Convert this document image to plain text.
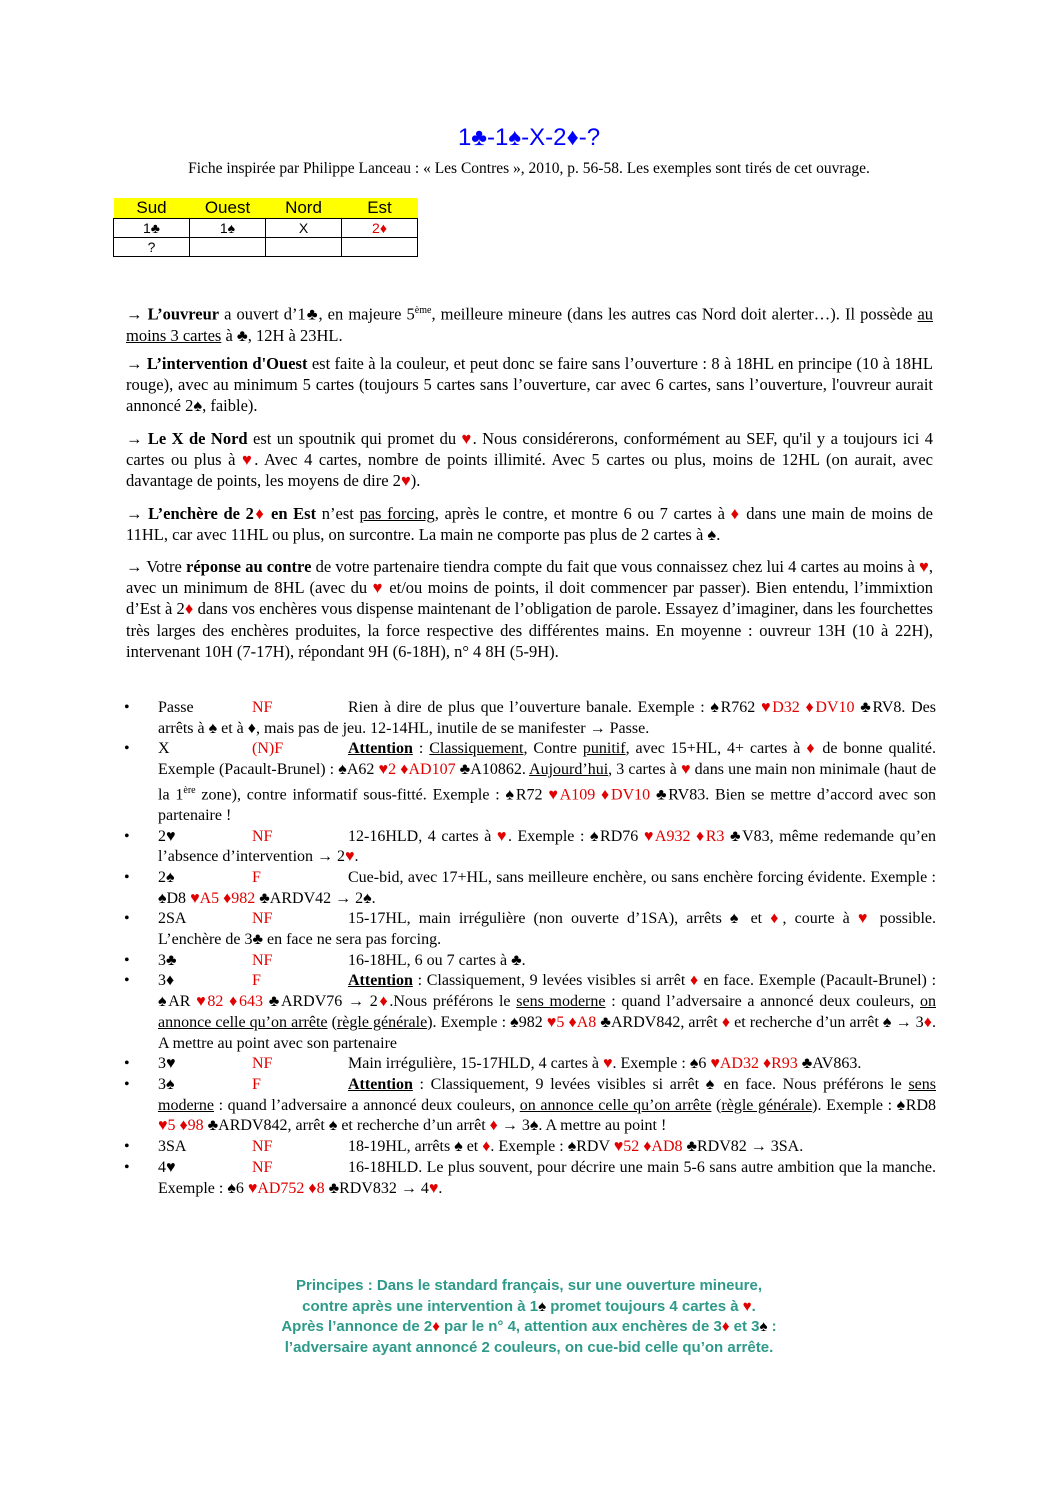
1♣-1♠-X-2♦-?
Fiche inspirée par Philippe Lanceau : « Les Contres », 2010, p. 56-58. Les exemples sont tirés de cet ouvrage.
Sud	Ouest	Nord	Est
1♣	1♠	X	2♦
?			

→ L’ouvreur a ouvert d’1♣, en majeure 5ème, meilleure mineure (dans les autres cas Nord doit alerter…). Il possède au moins 3 cartes à ♣, 12H à 23HL.

→ L’intervention d'Ouest est faite à la couleur, et peut donc se faire sans l’ouverture : 8 à 18HL en principe (10 à 18HL rouge), avec au minimum 5 cartes (toujours 5 cartes sans l’ouverture, car avec 6 cartes, sans l’ouverture, l'ouvreur aurait annoncé 2♠, faible).

→ Le X de Nord est un spoutnik qui promet du ♥. Nous considérerons, conformément au SEF, qu'il y a toujours ici 4 cartes ou plus à ♥. Avec 4 cartes, nombre de points illimité. Avec 5 cartes ou plus, moins de 12HL (on aurait, avec davantage de points, les moyens de dire 2♥).

→ L’enchère de 2♦ en Est n’est pas forcing, après le contre, et montre 6 ou 7 cartes à ♦ dans une main de moins de 11HL, car avec 11HL ou plus, on surcontre. La main ne comporte pas plus de 2 cartes à ♠.

→ Votre réponse au contre de votre partenaire tiendra compte du fait que vous connaissez chez lui 4 cartes au moins à ♥, avec un minimum de 8HL (avec du ♥ et/ou moins de points, il doit commencer par passer). Bien entendu, l’immixtion d’Est à 2♦ dans vos enchères vous dispense maintenant de l’obligation de parole. Essayez d’imaginer, dans les fourchettes très larges des enchères produites, la force respective des différentes mains. En moyenne : ouvreur 13H (10 à 22H), intervenant 10H (7-17H), répondant 9H (6-18H), n° 4 8H (5-9H).

•	Passe	NF	Rien à dire de plus que l’ouverture banale. Exemple : ♠R762 ♥D32 ♦DV10 ♣RV8. Des arrêts à ♠ et à ♦, mais pas de jeu. 12-14HL, inutile de se manifester → Passe.

•	X	(N)F	Attention : Classiquement, Contre punitif, avec 15+HL, 4+ cartes à ♦ de bonne qualité. Exemple (Pacault-Brunel) : ♠A62 ♥2 ♦AD107 ♣A10862. Aujourd’hui, 3 cartes à ♥ dans une main non minimale (haut de la 1ère zone), contre informatif sous-fitté. Exemple : ♠R72 ♥A109 ♦DV10 ♣RV83. Bien se mettre d’accord avec son partenaire !

•	2♥	NF	12-16HLD, 4 cartes à ♥. Exemple : ♠RD76 ♥A932 ♦R3 ♣V83, même redemande qu’en l’absence d’intervention → 2♥.

•	2♠	F	Cue-bid, avec 17+HL, sans meilleure enchère, ou sans enchère forcing évidente. Exemple : ♠D8 ♥A5 ♦982 ♣ARDV42 → 2♠.

•	2SA	NF	15-17HL, main irrégulière (non ouverte d’1SA), arrêts ♠ et ♦, courte à ♥ possible. L’enchère de 3♣ en face ne sera pas forcing.

•	3♣	NF	16-18HL, 6 ou 7 cartes à ♣.

•	3♦	F	Attention : Classiquement, 9 levées visibles si arrêt ♦ en face. Exemple (Pacault-Brunel) : ♠AR ♥82 ♦643 ♣ARDV76 → 2♦.Nous préférons le sens moderne : quand l’adversaire a annoncé deux couleurs, on annonce celle qu’on arrête (règle générale). Exemple : ♠982 ♥5 ♦A8 ♣ARDV842, arrêt ♦ et recherche d’un arrêt ♠ → 3♦. A mettre au point avec son partenaire

•	3♥	NF	Main irrégulière, 15-17HLD, 4 cartes à ♥. Exemple : ♠6 ♥AD32 ♦R93 ♣AV863.

•	3♠	F	Attention : Classiquement, 9 levées visibles si arrêt ♠ en face. Nous préférons le sens moderne : quand l’adversaire a annoncé deux couleurs, on annonce celle qu’on arrête (règle générale). Exemple : ♠RD8 ♥5 ♦98 ♣ARDV842, arrêt ♠ et recherche d’un arrêt ♦ → 3♠. A mettre au point !

•	3SA	NF	18-19HL, arrêts ♠ et ♦. Exemple : ♠RDV ♥52 ♦AD8 ♣RDV82 → 3SA.

•	4♥	NF	16-18HLD. Le plus souvent, pour décrire une main 5-6 sans autre ambition que la manche. Exemple : ♠6 ♥AD752 ♦8 ♣RDV832 → 4♥.

Principes : Dans le standard français, sur une ouverture mineure,
contre après une intervention à 1♠ promet toujours 4 cartes à ♥.
Après l’annonce de 2♦ par le n° 4, attention aux enchères de 3♦ et 3♠ :
l’adversaire ayant annoncé 2 couleurs, on cue-bid celle qu’on arrête.
